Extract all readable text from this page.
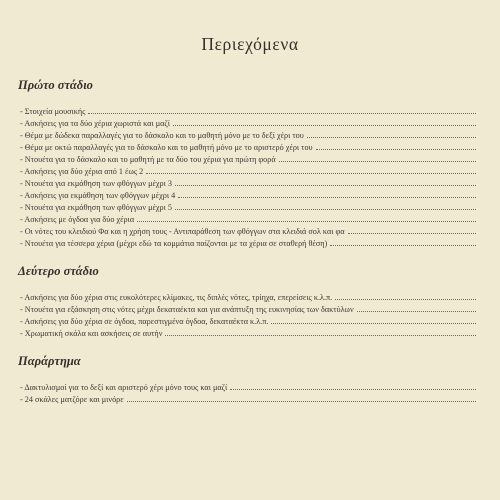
Περιεχόμενα
Πρώτο στάδιο
- Στοιχεία μουσικής
- Ασκήσεις για τα δύο χέρια χωριστά και μαζί
- Θέμα με δώδεκα παραλλαγές για το δάσκαλο και το μαθητή μόνο με το δεξί χέρι του
- Θέμα με οκτώ παραλλαγές για το δάσκαλο και το μαθητή μόνο με το αριστερό χέρι του
- Ντουέτα για το δάσκαλο και το μαθητή με τα δύο του χέρια για πρώτη φορά
- Ασκήσεις για δύο χέρια από 1 έως 2
- Ντουέτα για εκμάθηση των φθόγγων μέχρι 3
- Ασκήσεις για εκμάθηση των φθόγγων μέχρι 4
- Ντουέτα για εκμάθηση των φθόγγων μέχρι 5
- Ασκήσεις με όγδοα για δύο χέρια
- Οι νότες του κλειδιού Φα και η χρήση τους - Αντιπαράθεση των φθόγγων στα κλειδιά σολ και φα
- Ντουέτα για τέσσερα χέρια (μέχρι εδώ τα κομμάτια παίζονται με τα χέρια σε σταθερή θέση)
Δεύτερο στάδιο
- Ασκήσεις για δύο χέρια στις ευκολότερες κλίμακες, τις διπλές νότες, τρίηχα, επερείσεις κ.λ.π.
- Ντουέτα για εξάσκηση στις νότες μέχρι δεκαταέκτα και για ανάπτυξη της ευκινησίας των δακτύλων
- Ασκήσεις για δύο χέρια σε όγδοα, παρεστιγμένα όγδοα, δεκαταέκτα κ.λ.π.
- Χρωματική σκάλα και ασκήσεις σε αυτήν
Παράρτημα
- Δακτυλισμοί για το δεξί και αριστερό χέρι μόνο τους και μαζί
- 24 σκάλες ματζόρε και μινόρε
